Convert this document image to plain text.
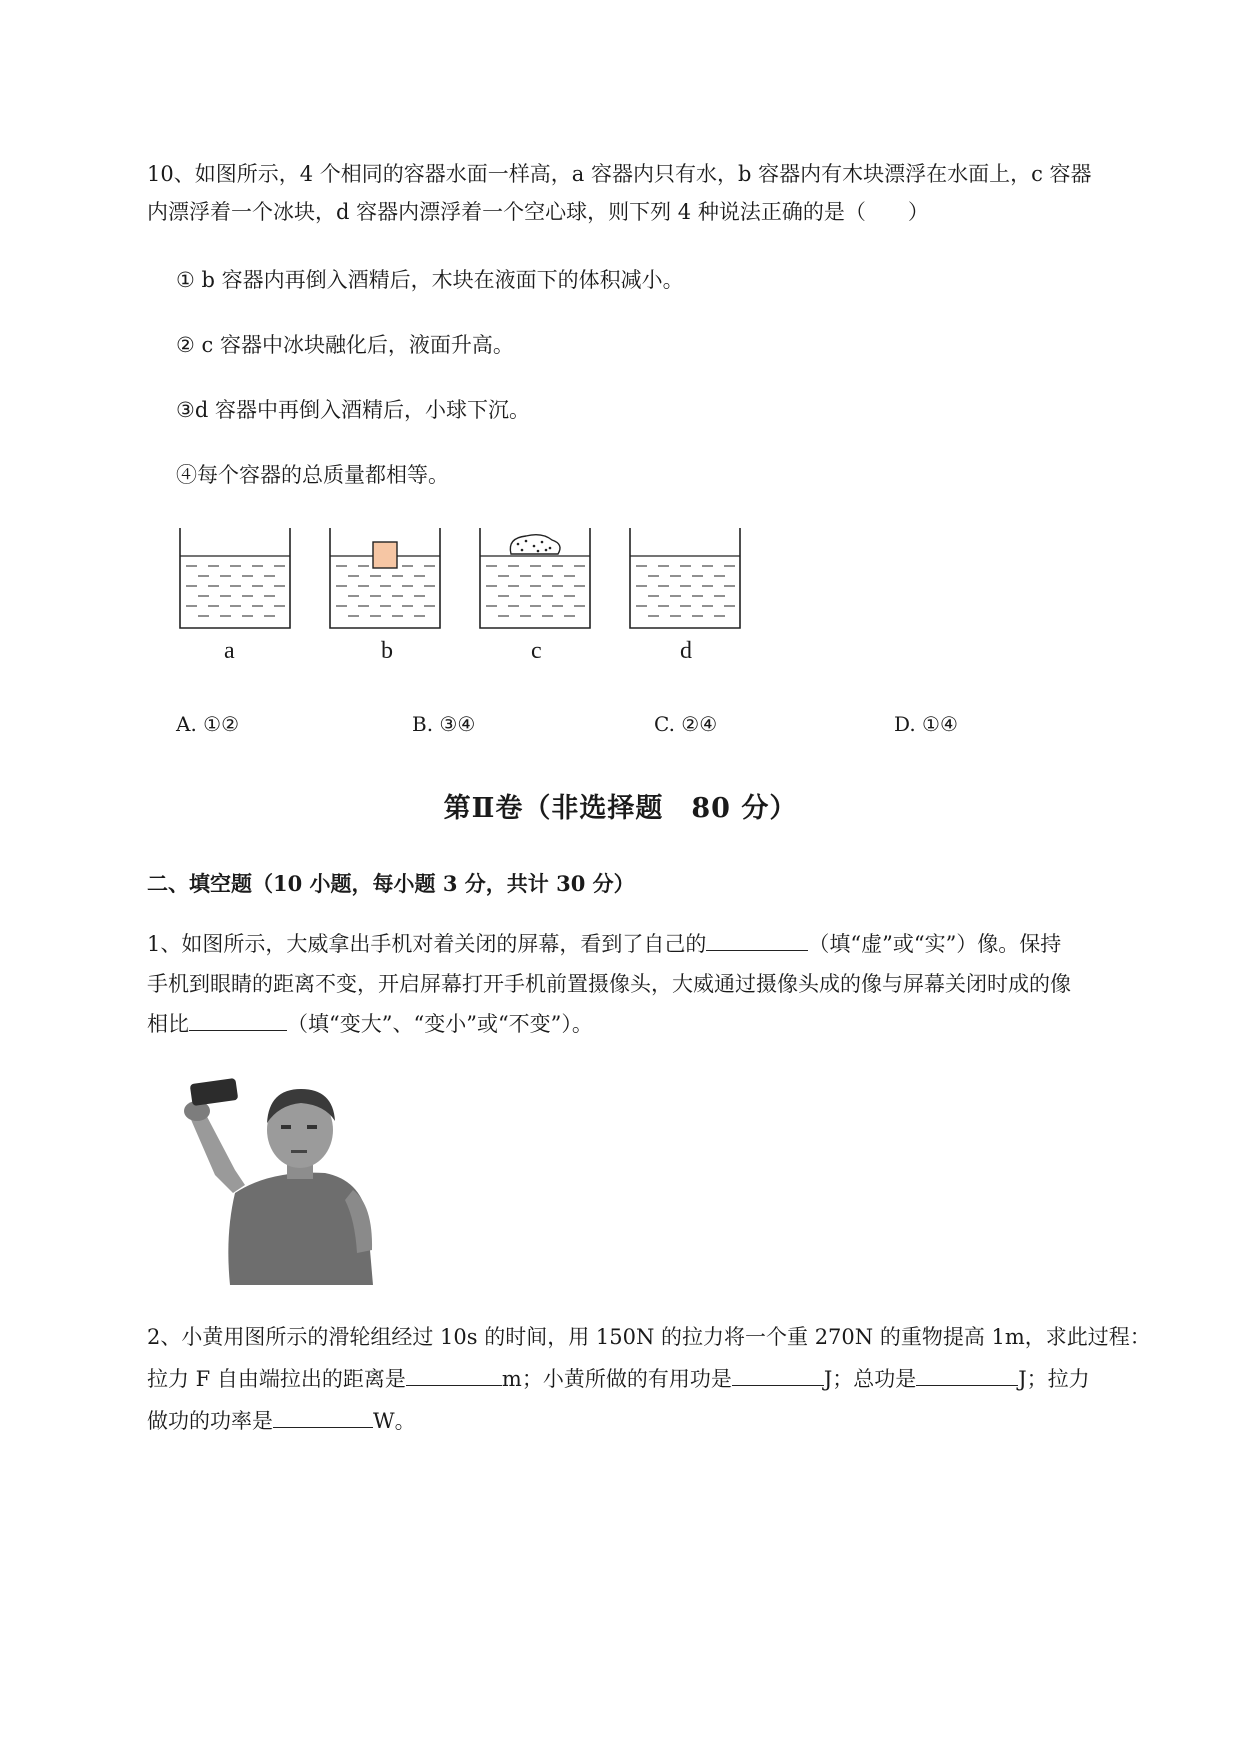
10、如图所示，4 个相同的容器水面一样高，a 容器内只有水，b 容器内有木块漂浮在水面上，c 容器
内漂浮着一个冰块，d 容器内漂浮着一个空心球，则下列 4 种说法正确的是（　　）
① b 容器内再倒入酒精后，木块在液面下的体积减小。
② c 容器中冰块融化后，液面升高。
③d 容器中再倒入酒精后，小球下沉。
④每个容器的总质量都相等。
a	b	c	d
A. ①②	B. ③④	C. ②④	D. ①④
第Ⅱ卷（非选择题　80 分）
二、填空题（10 小题，每小题 3 分，共计 30 分）
1、如图所示，大威拿出手机对着关闭的屏幕，看到了自己的	（填“虚”或“实”）像。保持
手机到眼睛的距离不变，开启屏幕打开手机前置摄像头，大威通过摄像头成的像与屏幕关闭时成的像
相比	（填“变大”、“变小”或“不变”）。
2、小黄用图所示的滑轮组经过 10s 的时间，用 150N 的拉力将一个重 270N 的重物提高 1m，求此过程：
拉力 F 自由端拉出的距离是	m；小黄所做的有用功是	J；总功是	J；拉力
做功的功率是	W。
